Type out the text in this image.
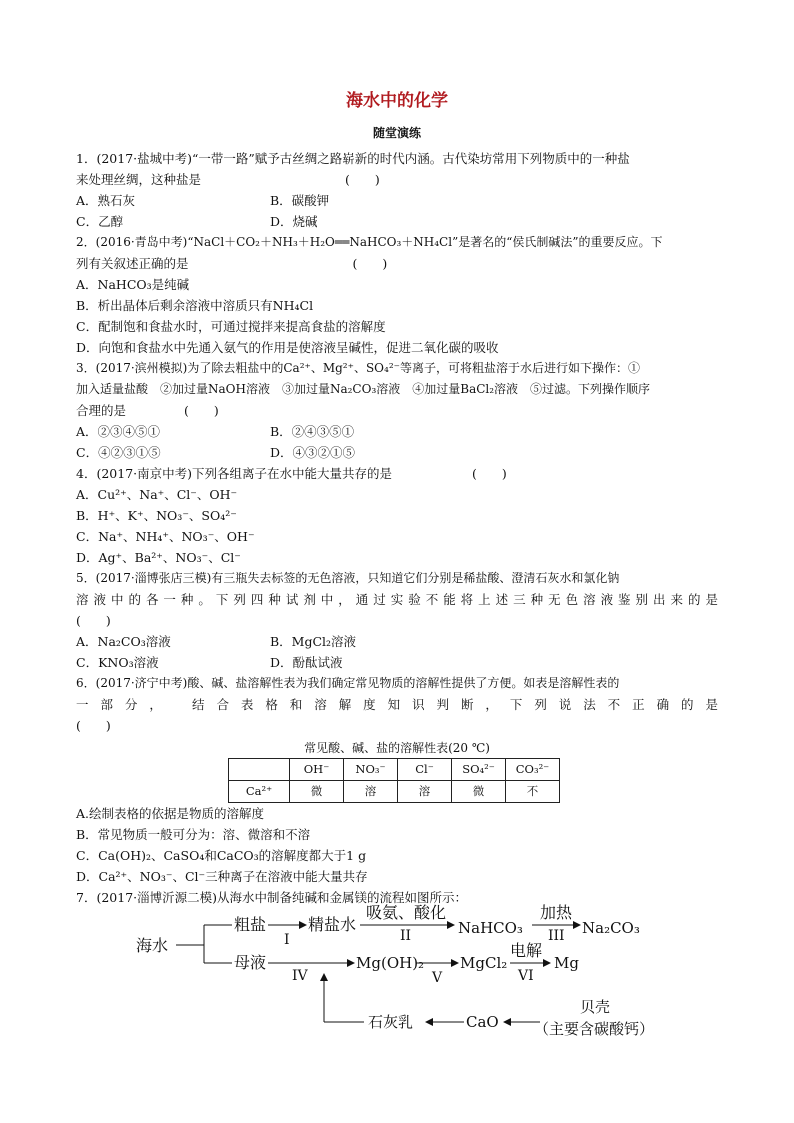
海水中的化学
随堂演练
1．(2017·盐城中考)“一带一路”赋予古丝绸之路崭新的时代内涵。古代染坊常用下列物质中的一种盐
来处理丝绸，这种盐是	(　　)
A．熟石灰	B．碳酸钾
C．乙醇	D．烧碱
2．(2016·青岛中考)“NaCl＋CO₂＋NH₃＋H₂O══NaHCO₃＋NH₄Cl”是著名的“侯氏制碱法”的重要反应。下
列有关叙述正确的是	(　　)
A．NaHCO₃是纯碱
B．析出晶体后剩余溶液中溶质只有NH₄Cl
C．配制饱和食盐水时，可通过搅拌来提高食盐的溶解度
D．向饱和食盐水中先通入氨气的作用是使溶液呈碱性，促进二氧化碳的吸收
3．(2017·滨州模拟)为了除去粗盐中的Ca²⁺、Mg²⁺、SO₄²⁻等离子，可将粗盐溶于水后进行如下操作：①
加入适量盐酸　②加过量NaOH溶液　③加过量Na₂CO₃溶液　④加过量BaCl₂溶液　⑤过滤。下列操作顺序
合理的是	(　　)
A．②③④⑤①	B．②④③⑤①
C．④②③①⑤	D．④③②①⑤
4．(2017·南京中考)下列各组离子在水中能大量共存的是	(　　)
A．Cu²⁺、Na⁺、Cl⁻、OH⁻
B．H⁺、K⁺、NO₃⁻、SO₄²⁻
C．Na⁺、NH₄⁺、NO₃⁻、OH⁻
D．Ag⁺、Ba²⁺、NO₃⁻、Cl⁻
5．(2017·淄博张店三模)有三瓶失去标签的无色溶液，只知道它们分别是稀盐酸、澄清石灰水和氯化钠
溶液中的各一种。下列四种试剂中，通过实验不能将上述三种无色溶液鉴别出来的是
(　　)
A．Na₂CO₃溶液	B．MgCl₂溶液
C．KNO₃溶液	D．酚酞试液
6．(2017·济宁中考)酸、碱、盐溶解性表为我们确定常见物质的溶解性提供了方便。如表是溶解性表的
一部分，　结合表格和溶解度知识判断，下列说法不正确的是
(　　)
常见酸、碱、盐的溶解性表(20 ℃)
	OH⁻	NO₃⁻	Cl⁻	SO₄²⁻	CO₃²⁻
Ca²⁺	微	溶	溶	微	不
A.绘制表格的依据是物质的溶解度
B．常见物质一般可分为：溶、微溶和不溶
C．Ca(OH)₂、CaSO₄和CaCO₃的溶解度都大于1 g
D．Ca²⁺、NO₃⁻、Cl⁻三种离子在溶液中能大量共存
7．(2017·淄博沂源二模)从海水中制备纯碱和金属镁的流程如图所示：
海水
粗盐
I
精盐水
吸氨、酸化
II	NaHCO₃
加热
III Na₂CO₃
母液
IV
Mg(OH)₂
V
MgCl₂
电解
VI
Mg
石灰乳	CaO
贝壳
（主要含碳酸钙）
